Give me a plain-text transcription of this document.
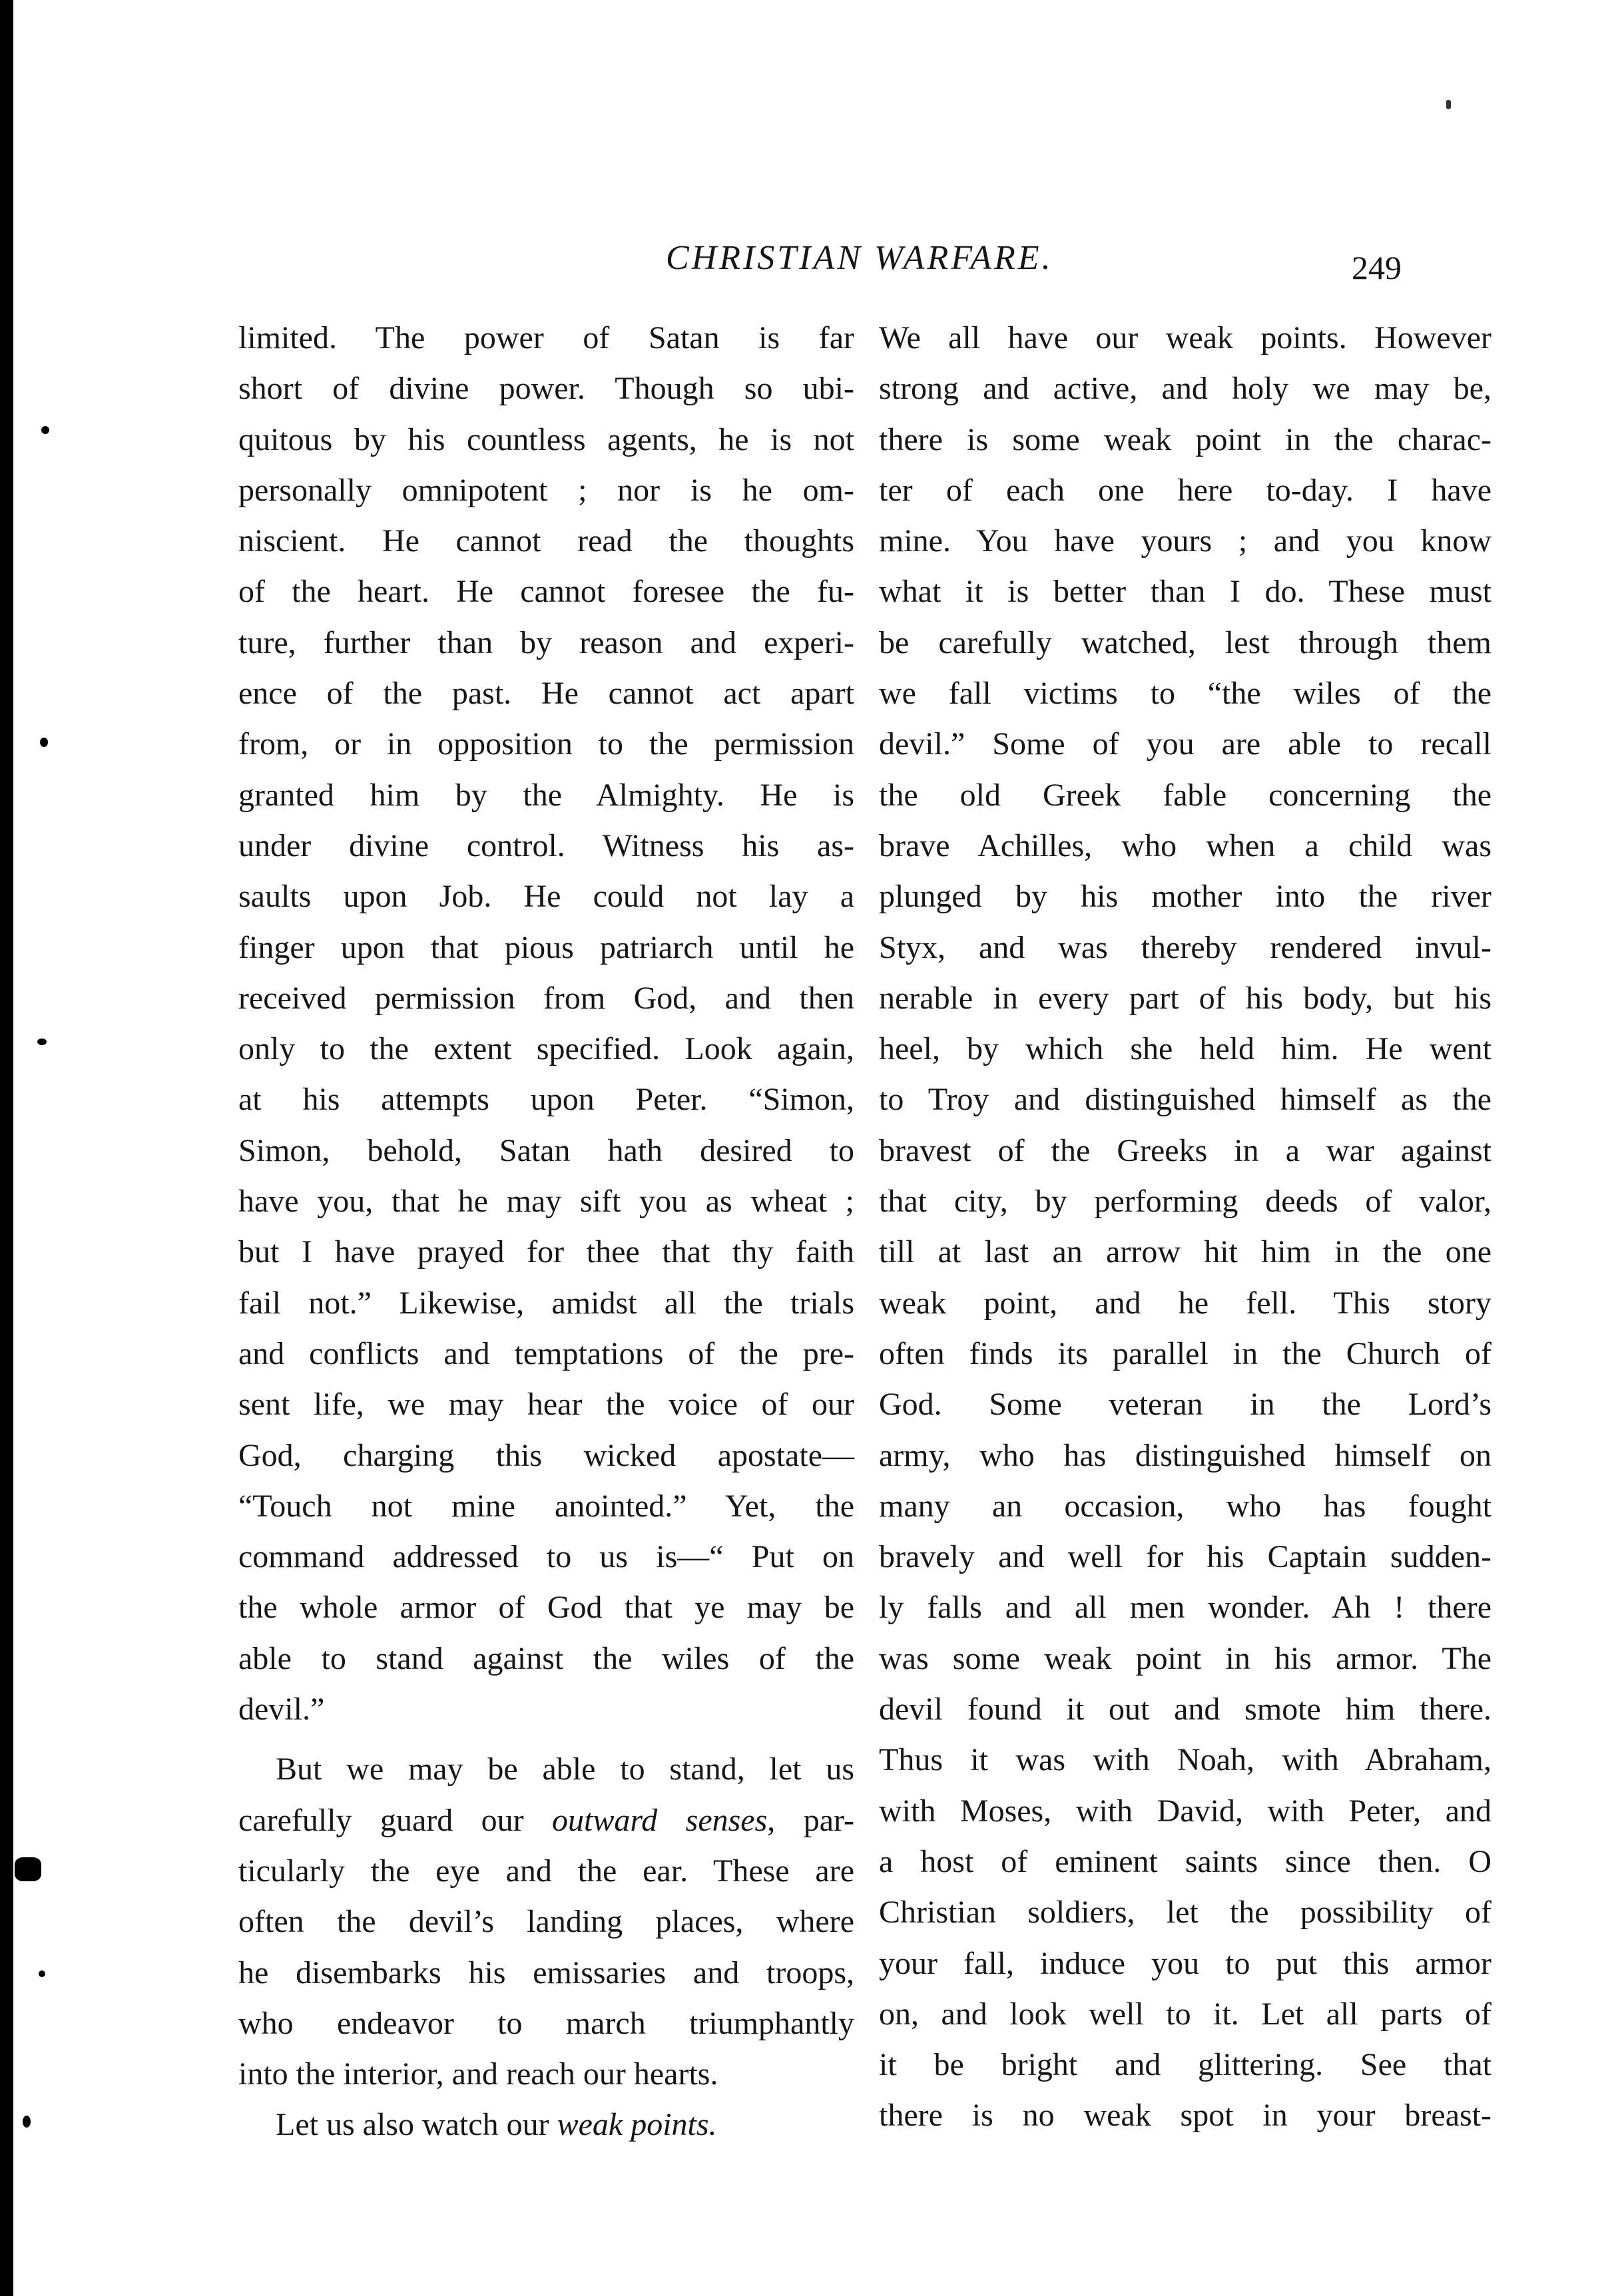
CHRISTIAN WARFARE.	249
limited. The power of Satan is far
short of divine power. Though so ubi-
quitous by his countless agents, he is not
personally omnipotent ; nor is he om-
niscient. He cannot read the thoughts
of the heart. He cannot foresee the fu-
ture, further than by reason and experi-
ence of the past. He cannot act apart
from, or in opposition to the permission
granted him by the Almighty. He is
under divine control. Witness his as-
saults upon Job. He could not lay a
finger upon that pious patriarch until he
received permission from God, and then
only to the extent specified. Look again,
at his attempts upon Peter. “Simon,
Simon, behold, Satan hath desired to
have you, that he may sift you as wheat ;
but I have prayed for thee that thy faith
fail not.” Likewise, amidst all the trials
and conflicts and temptations of the pre-
sent life, we may hear the voice of our
God, charging this wicked apostate—
“Touch not mine anointed.” Yet, the
command addressed to us is—“ Put on
the whole armor of God that ye may be
able to stand against the wiles of the
devil.”
But we may be able to stand, let us
carefully guard our outward senses, par-
ticularly the eye and the ear. These are
often the devil’s landing places, where
he disembarks his emissaries and troops,
who endeavor to march triumphantly
into the interior, and reach our hearts.
Let us also watch our weak points.
We all have our weak points. However
strong and active, and holy we may be,
there is some weak point in the charac-
ter of each one here to-day. I have
mine. You have yours ; and you know
what it is better than I do. These must
be carefully watched, lest through them
we fall victims to “the wiles of the
devil.” Some of you are able to recall
the old Greek fable concerning the
brave Achilles, who when a child was
plunged by his mother into the river
Styx, and was thereby rendered invul-
nerable in every part of his body, but his
heel, by which she held him. He went
to Troy and distinguished himself as the
bravest of the Greeks in a war against
that city, by performing deeds of valor,
till at last an arrow hit him in the one
weak point, and he fell. This story
often finds its parallel in the Church of
God. Some veteran in the Lord’s
army, who has distinguished himself on
many an occasion, who has fought
bravely and well for his Captain sudden-
ly falls and all men wonder. Ah ! there
was some weak point in his armor. The
devil found it out and smote him there.
Thus it was with Noah, with Abraham,
with Moses, with David, with Peter, and
a host of eminent saints since then. O
Christian soldiers, let the possibility of
your fall, induce you to put this armor
on, and look well to it. Let all parts of
it be bright and glittering. See that
there is no weak spot in your breast-
